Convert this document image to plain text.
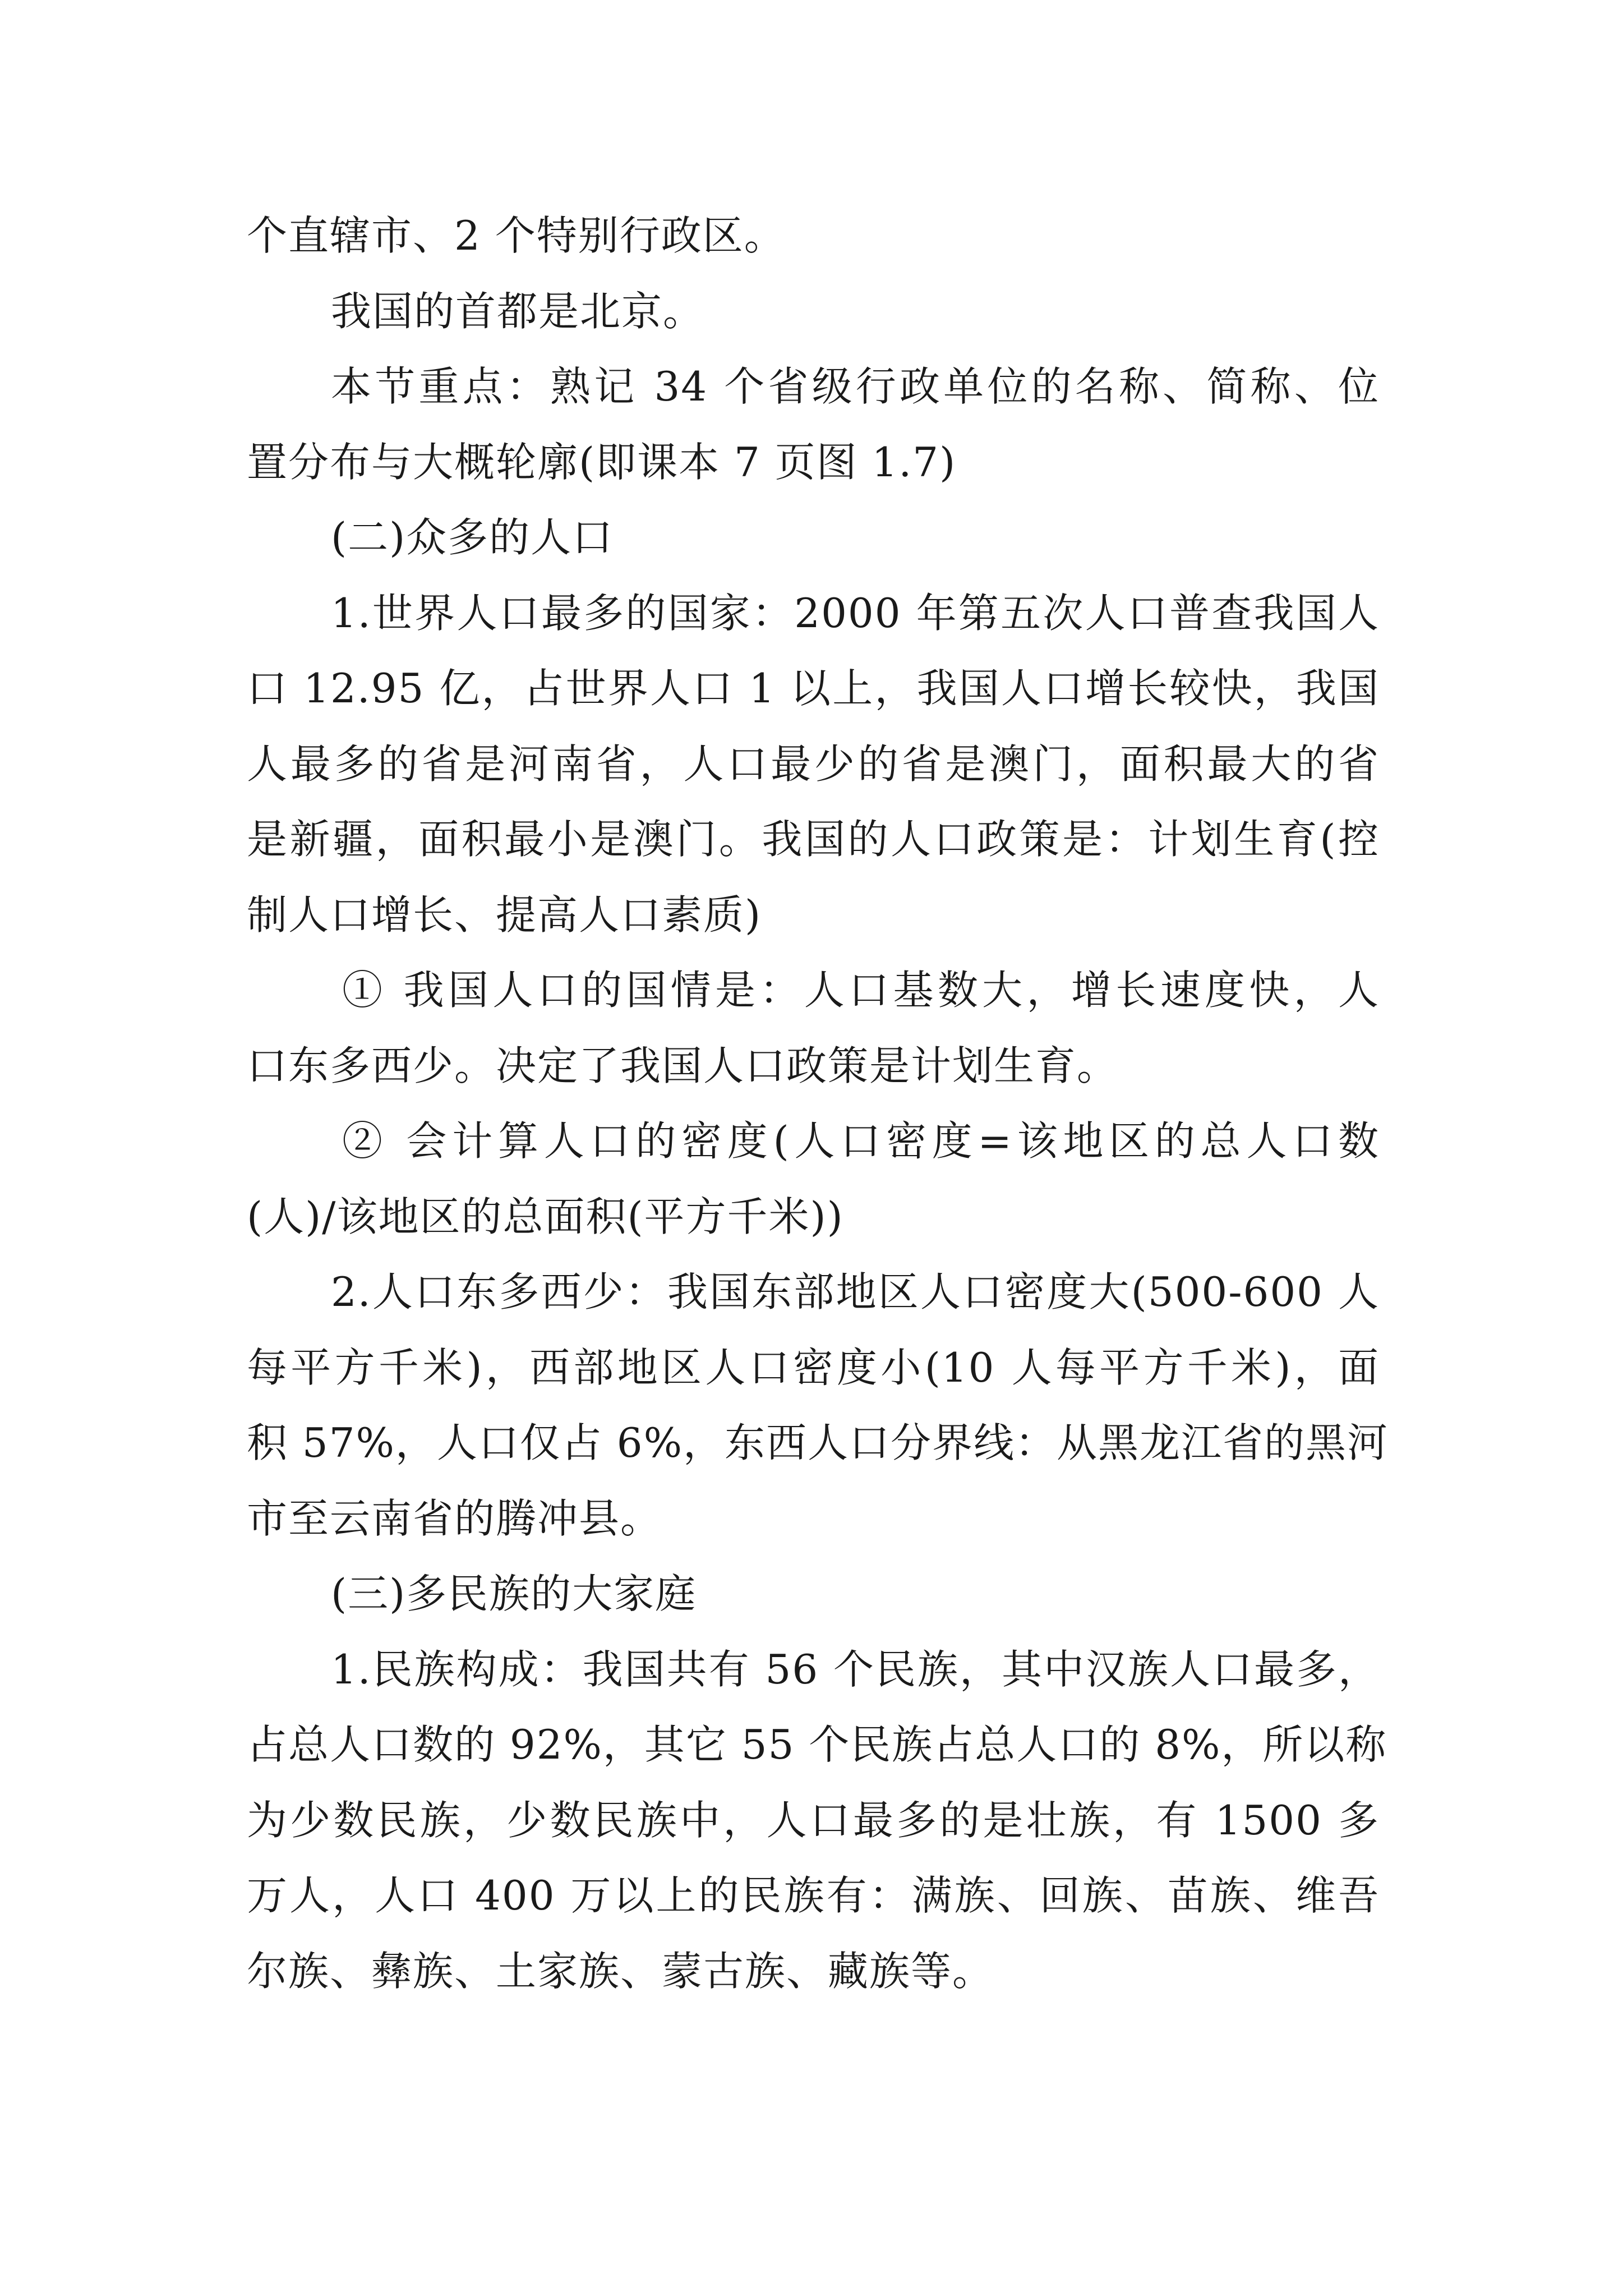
个直辖市、2 个特别行政区。
我国的首都是北京。
本节重点：熟记 34 个省级行政单位的名称、简称、位
置分布与大概轮廓(即课本 7 页图 1.7)
(二)众多的人口
1.世界人口最多的国家：2000 年第五次人口普查我国人
口 12.95 亿，占世界人口 1 以上，我国人口增长较快，我国
人最多的省是河南省，人口最少的省是澳门，面积最大的省
是新疆，面积最小是澳门。我国的人口政策是：计划生育(控
制人口增长、提高人口素质)
① 我国人口的国情是：人口基数大，增长速度快，人
口东多西少。决定了我国人口政策是计划生育。
② 会计算人口的密度(人口密度=该地区的总人口数
(人)/该地区的总面积(平方千米))
2.人口东多西少：我国东部地区人口密度大(500-600 人
每平方千米)，西部地区人口密度小(10 人每平方千米)，面
积 57%，人口仅占 6%，东西人口分界线：从黑龙江省的黑河
市至云南省的腾冲县。
(三)多民族的大家庭
1.民族构成：我国共有 56 个民族，其中汉族人口最多，
占总人口数的 92%，其它 55 个民族占总人口的 8%，所以称
为少数民族，少数民族中，人口最多的是壮族，有 1500 多
万人，人口 400 万以上的民族有：满族、回族、苗族、维吾
尔族、彝族、土家族、蒙古族、藏族等。
